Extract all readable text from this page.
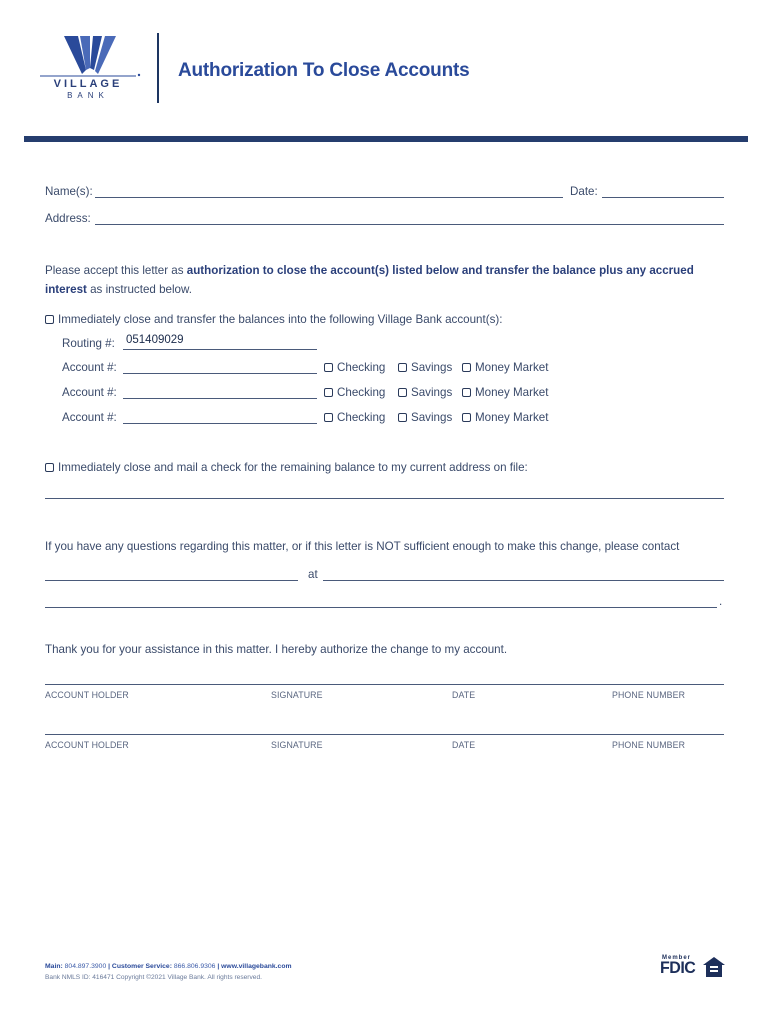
VILLAGE
BANK
Authorization To Close Accounts
Name(s):	Date:
Address:
Please accept this letter as authorization to close the account(s) listed below and transfer the balance plus any accrued
interest as instructed below.
Immediately close and transfer the balances into the following Village Bank account(s):
Routing #: 051409029
Account #:	Checking	Savings	Money Market
Account #:	Checking	Savings	Money Market
Account #:	Checking	Savings	Money Market
Immediately close and mail a check for the remaining balance to my current address on file:
If you have any questions regarding this matter, or if this letter is NOT sufficient enough to make this change, please contact
at
.
Thank you for your assistance in this matter. I hereby authorize the change to my account.
ACCOUNT HOLDER	SIGNATURE	DATE	PHONE NUMBER
ACCOUNT HOLDER	SIGNATURE	DATE	PHONE NUMBER
Main: 804.897.3900 | Customer Service: 866.806.9306 | www.villagebank.com
Bank NMLS ID: 416471 Copyright ©2021 Village Bank. All rights reserved.
Member
FDIC
